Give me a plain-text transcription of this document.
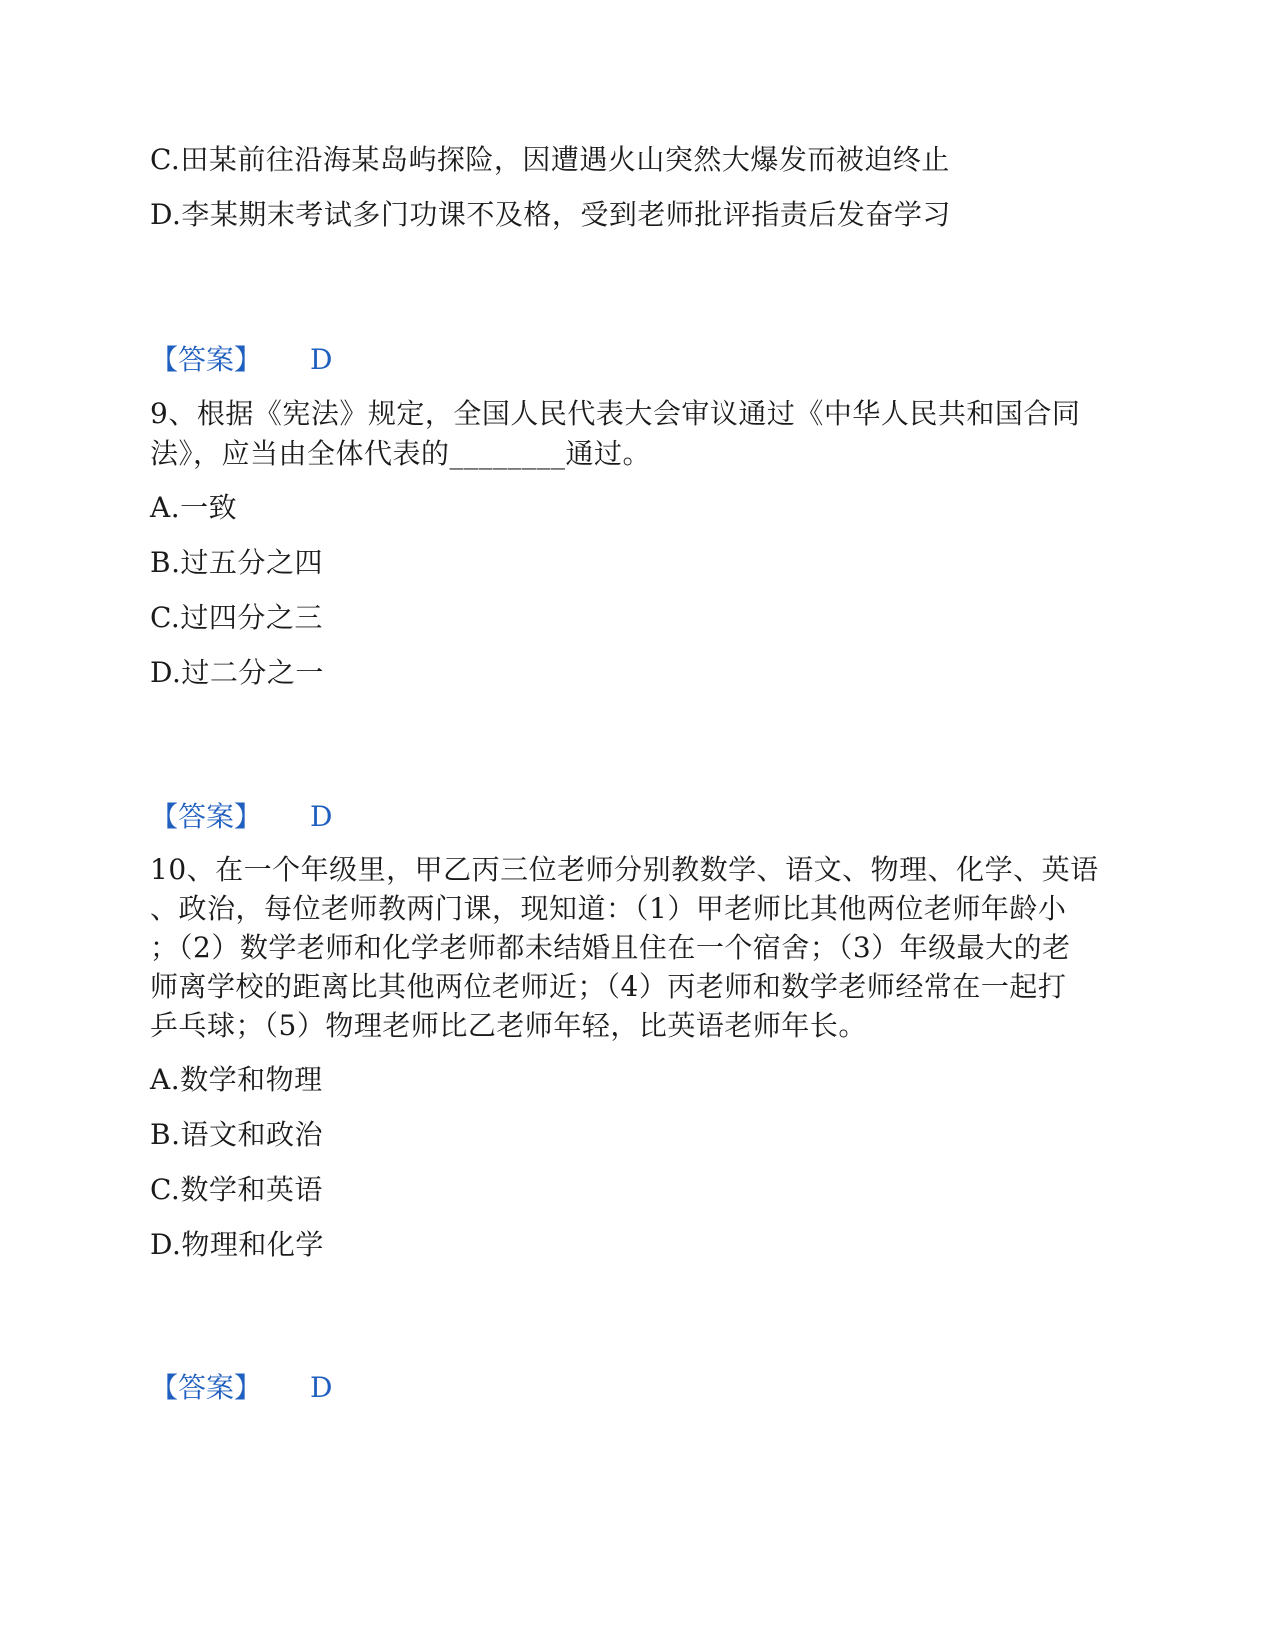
C.田某前往沿海某岛屿探险，因遭遇火山突然大爆发而被迫终止
D.李某期末考试多门功课不及格，受到老师批评指责后发奋学习
【答案】 D
9、根据《宪法》规定，全国人民代表大会审议通过《中华人民共和国合同
法》，应当由全体代表的________通过。
A.一致
B.过五分之四
C.过四分之三
D.过二分之一
【答案】 D
10、在一个年级里，甲乙丙三位老师分别教数学、语文、物理、化学、英语
、政治，每位老师教两门课，现知道：（1）甲老师比其他两位老师年龄小
；（2）数学老师和化学老师都未结婚且住在一个宿舍；（3）年级最大的老
师离学校的距离比其他两位老师近；（4）丙老师和数学老师经常在一起打
乒乓球；（5）物理老师比乙老师年轻，比英语老师年长。
A.数学和物理
B.语文和政治
C.数学和英语
D.物理和化学
【答案】 D
